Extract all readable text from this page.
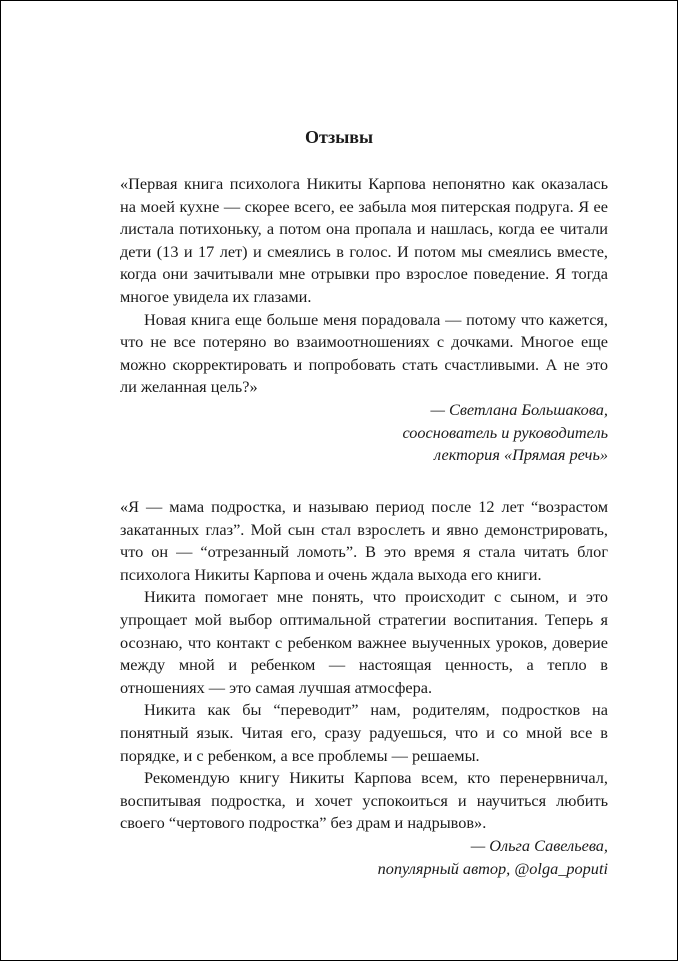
Отзывы

«Первая книга психолога Никиты Карпова непонятно как оказалась на моей кухне — скорее всего, ее забыла моя питерская подруга. Я ее листала потихоньку, а потом она пропала и нашлась, когда ее читали дети (13 и 17 лет) и смеялись в голос. И потом мы смеялись вместе, когда они зачитывали мне отрывки про взрослое поведение. Я тогда многое увидела их глазами.

Новая книга еще больше меня порадовала — потому что кажется, что не все потеряно во взаимоотношениях с дочками. Многое еще можно скорректировать и попробовать стать счастливыми. А не это ли желанная цель?»

— Светлана Большакова,
сооснователь и руководитель
лектория «Прямая речь»

«Я — мама подростка, и называю период после 12 лет “возрастом закатанных глаз”. Мой сын стал взрослеть и явно демонстрировать, что он — “отрезанный ломоть”. В это время я стала читать блог психолога Никиты Карпова и очень ждала выхода его книги.

Никита помогает мне понять, что происходит с сыном, и это упрощает мой выбор оптимальной стратегии воспитания. Теперь я осознаю, что контакт с ребенком важнее выученных уроков, доверие между мной и ребенком — настоящая ценность, а тепло в отношениях — это самая лучшая атмосфера.

Никита как бы “переводит” нам, родителям, подростков на понятный язык. Читая его, сразу радуешься, что и со мной все в порядке, и с ребенком, а все проблемы — решаемы.

Рекомендую книгу Никиты Карпова всем, кто перенервничал, воспитывая подростка, и хочет успокоиться и научиться любить своего “чертового подростка” без драм и надрывов».

— Ольга Савельева,
популярный автор, @olga_poputi
